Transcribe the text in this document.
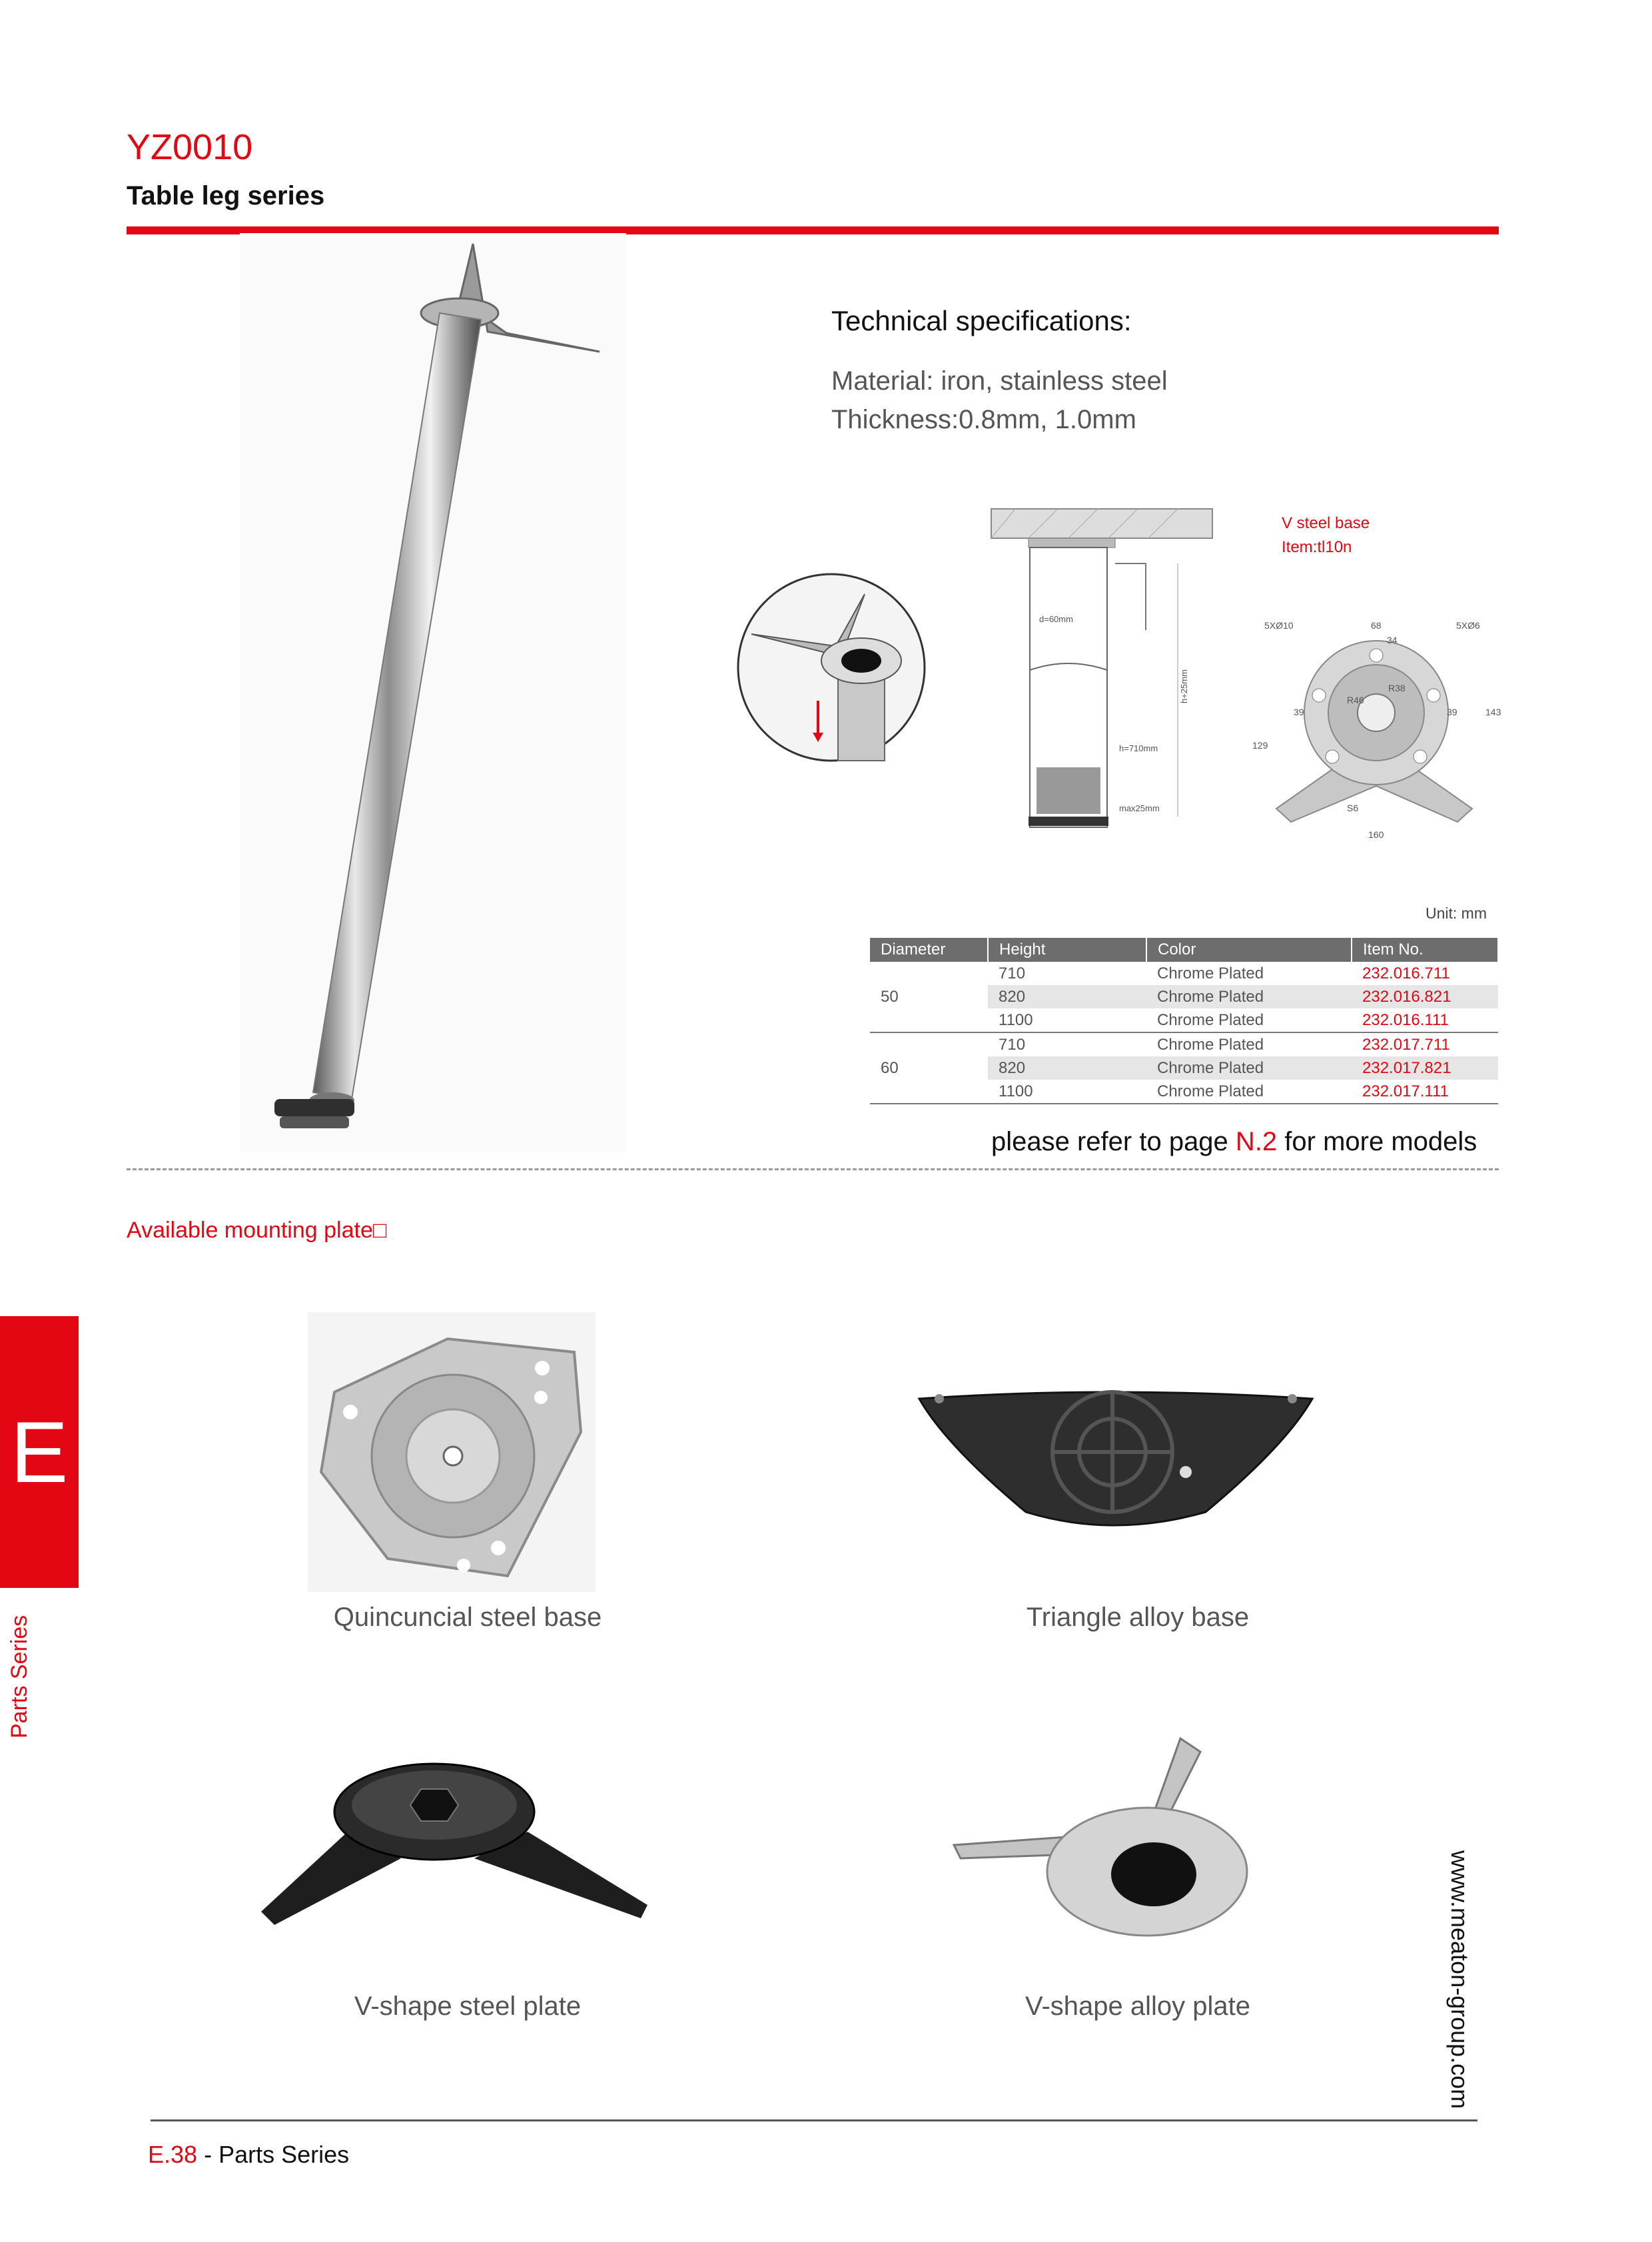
YZ0010
Table leg series
Technical specifications:
Material: iron, stainless steel
Thickness:0.8mm, 1.0mm
d=60mm
h+25mm
h=710mm
max25mm
V steel base
Item:tl10n
5XØ10	68	5XØ6
34
R46
R38
39	39
129
143
S6
160
Unit: mm
Diameter	Height	Color	Item No.
50	710	Chrome Plated	232.016.711
	820	Chrome Plated	232.016.821
	1100	Chrome Plated	232.016.111
60	710	Chrome Plated	232.017.711
	820	Chrome Plated	232.017.821
	1100	Chrome Plated	232.017.111
please refer to page N.2 for more models
Available mounting plate□
Quincuncial steel base	Triangle alloy base
V-shape steel plate	V-shape alloy plate
E
Parts Series
www.meaton-group.com
E.38 - Parts Series
